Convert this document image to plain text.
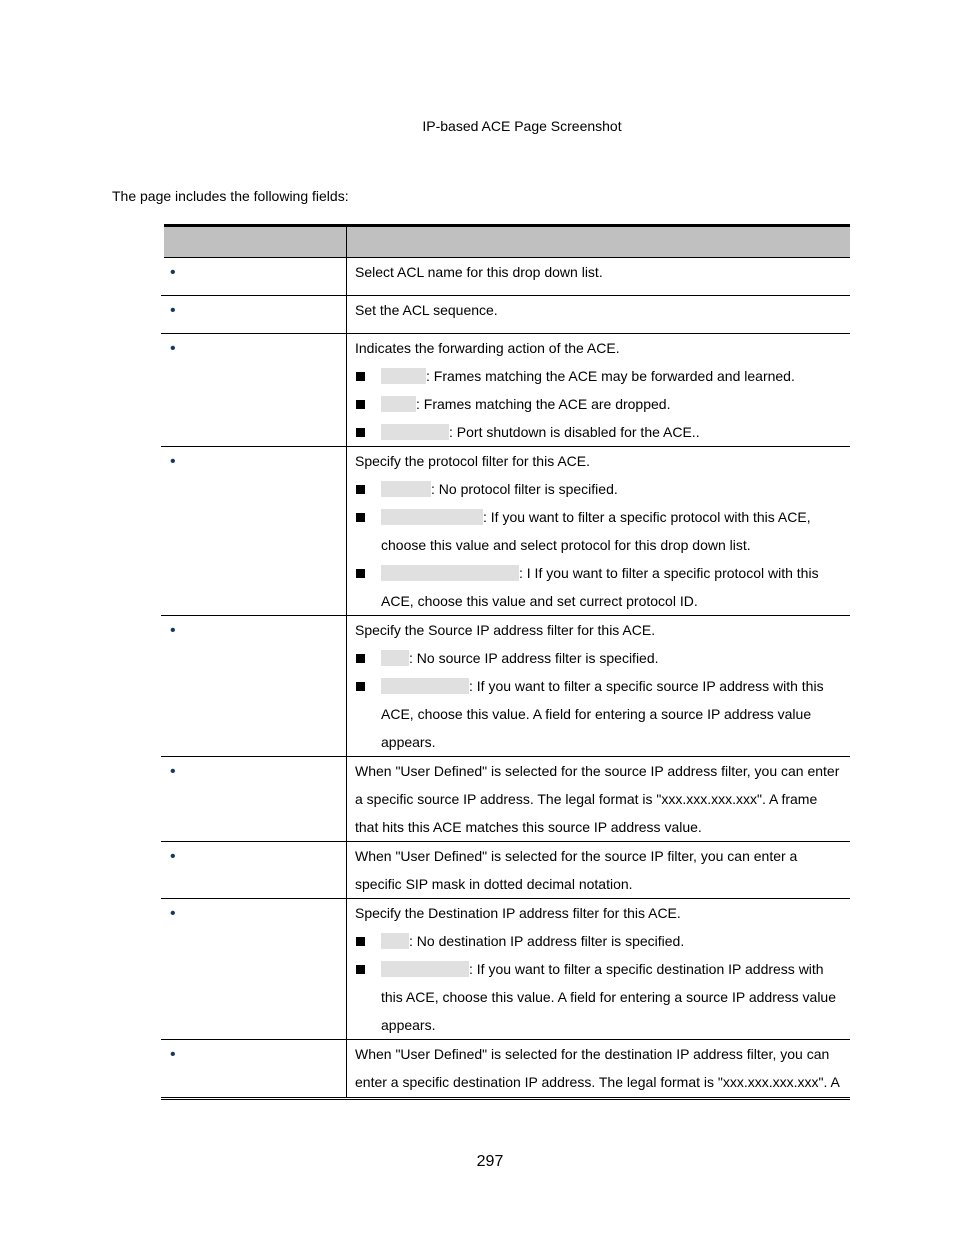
IP-based ACE Page Screenshot
The page includes the following fields:

•	Select ACL name for this drop down list.

•	Set the ACL sequence.

•	Indicates the forwarding action of the ACE.
: Frames matching the ACE may be forwarded and learned.
: Frames matching the ACE are dropped.
: Port shutdown is disabled for the ACE..

•	Specify the protocol filter for this ACE.
: No protocol filter is specified.
: If you want to filter a specific protocol with this ACE, choose this value and select protocol for this drop down list.
: I If you want to filter a specific protocol with this ACE, choose this value and set currect protocol ID.

•	Specify the Source IP address filter for this ACE.
: No source IP address filter is specified.
: If you want to filter a specific source IP address with this ACE, choose this value. A field for entering a source IP address value appears.

•	When "User Defined" is selected for the source IP address filter, you can enter a specific source IP address. The legal format is "xxx.xxx.xxx.xxx". A frame that hits this ACE matches this source IP address value.

•	When "User Defined" is selected for the source IP filter, you can enter a specific SIP mask in dotted decimal notation.

•	Specify the Destination IP address filter for this ACE.
: No destination IP address filter is specified.
: If you want to filter a specific destination IP address with this ACE, choose this value. A field for entering a source IP address value appears.

•	When "User Defined" is selected for the destination IP address filter, you can enter a specific destination IP address. The legal format is "xxx.xxx.xxx.xxx". A
297
